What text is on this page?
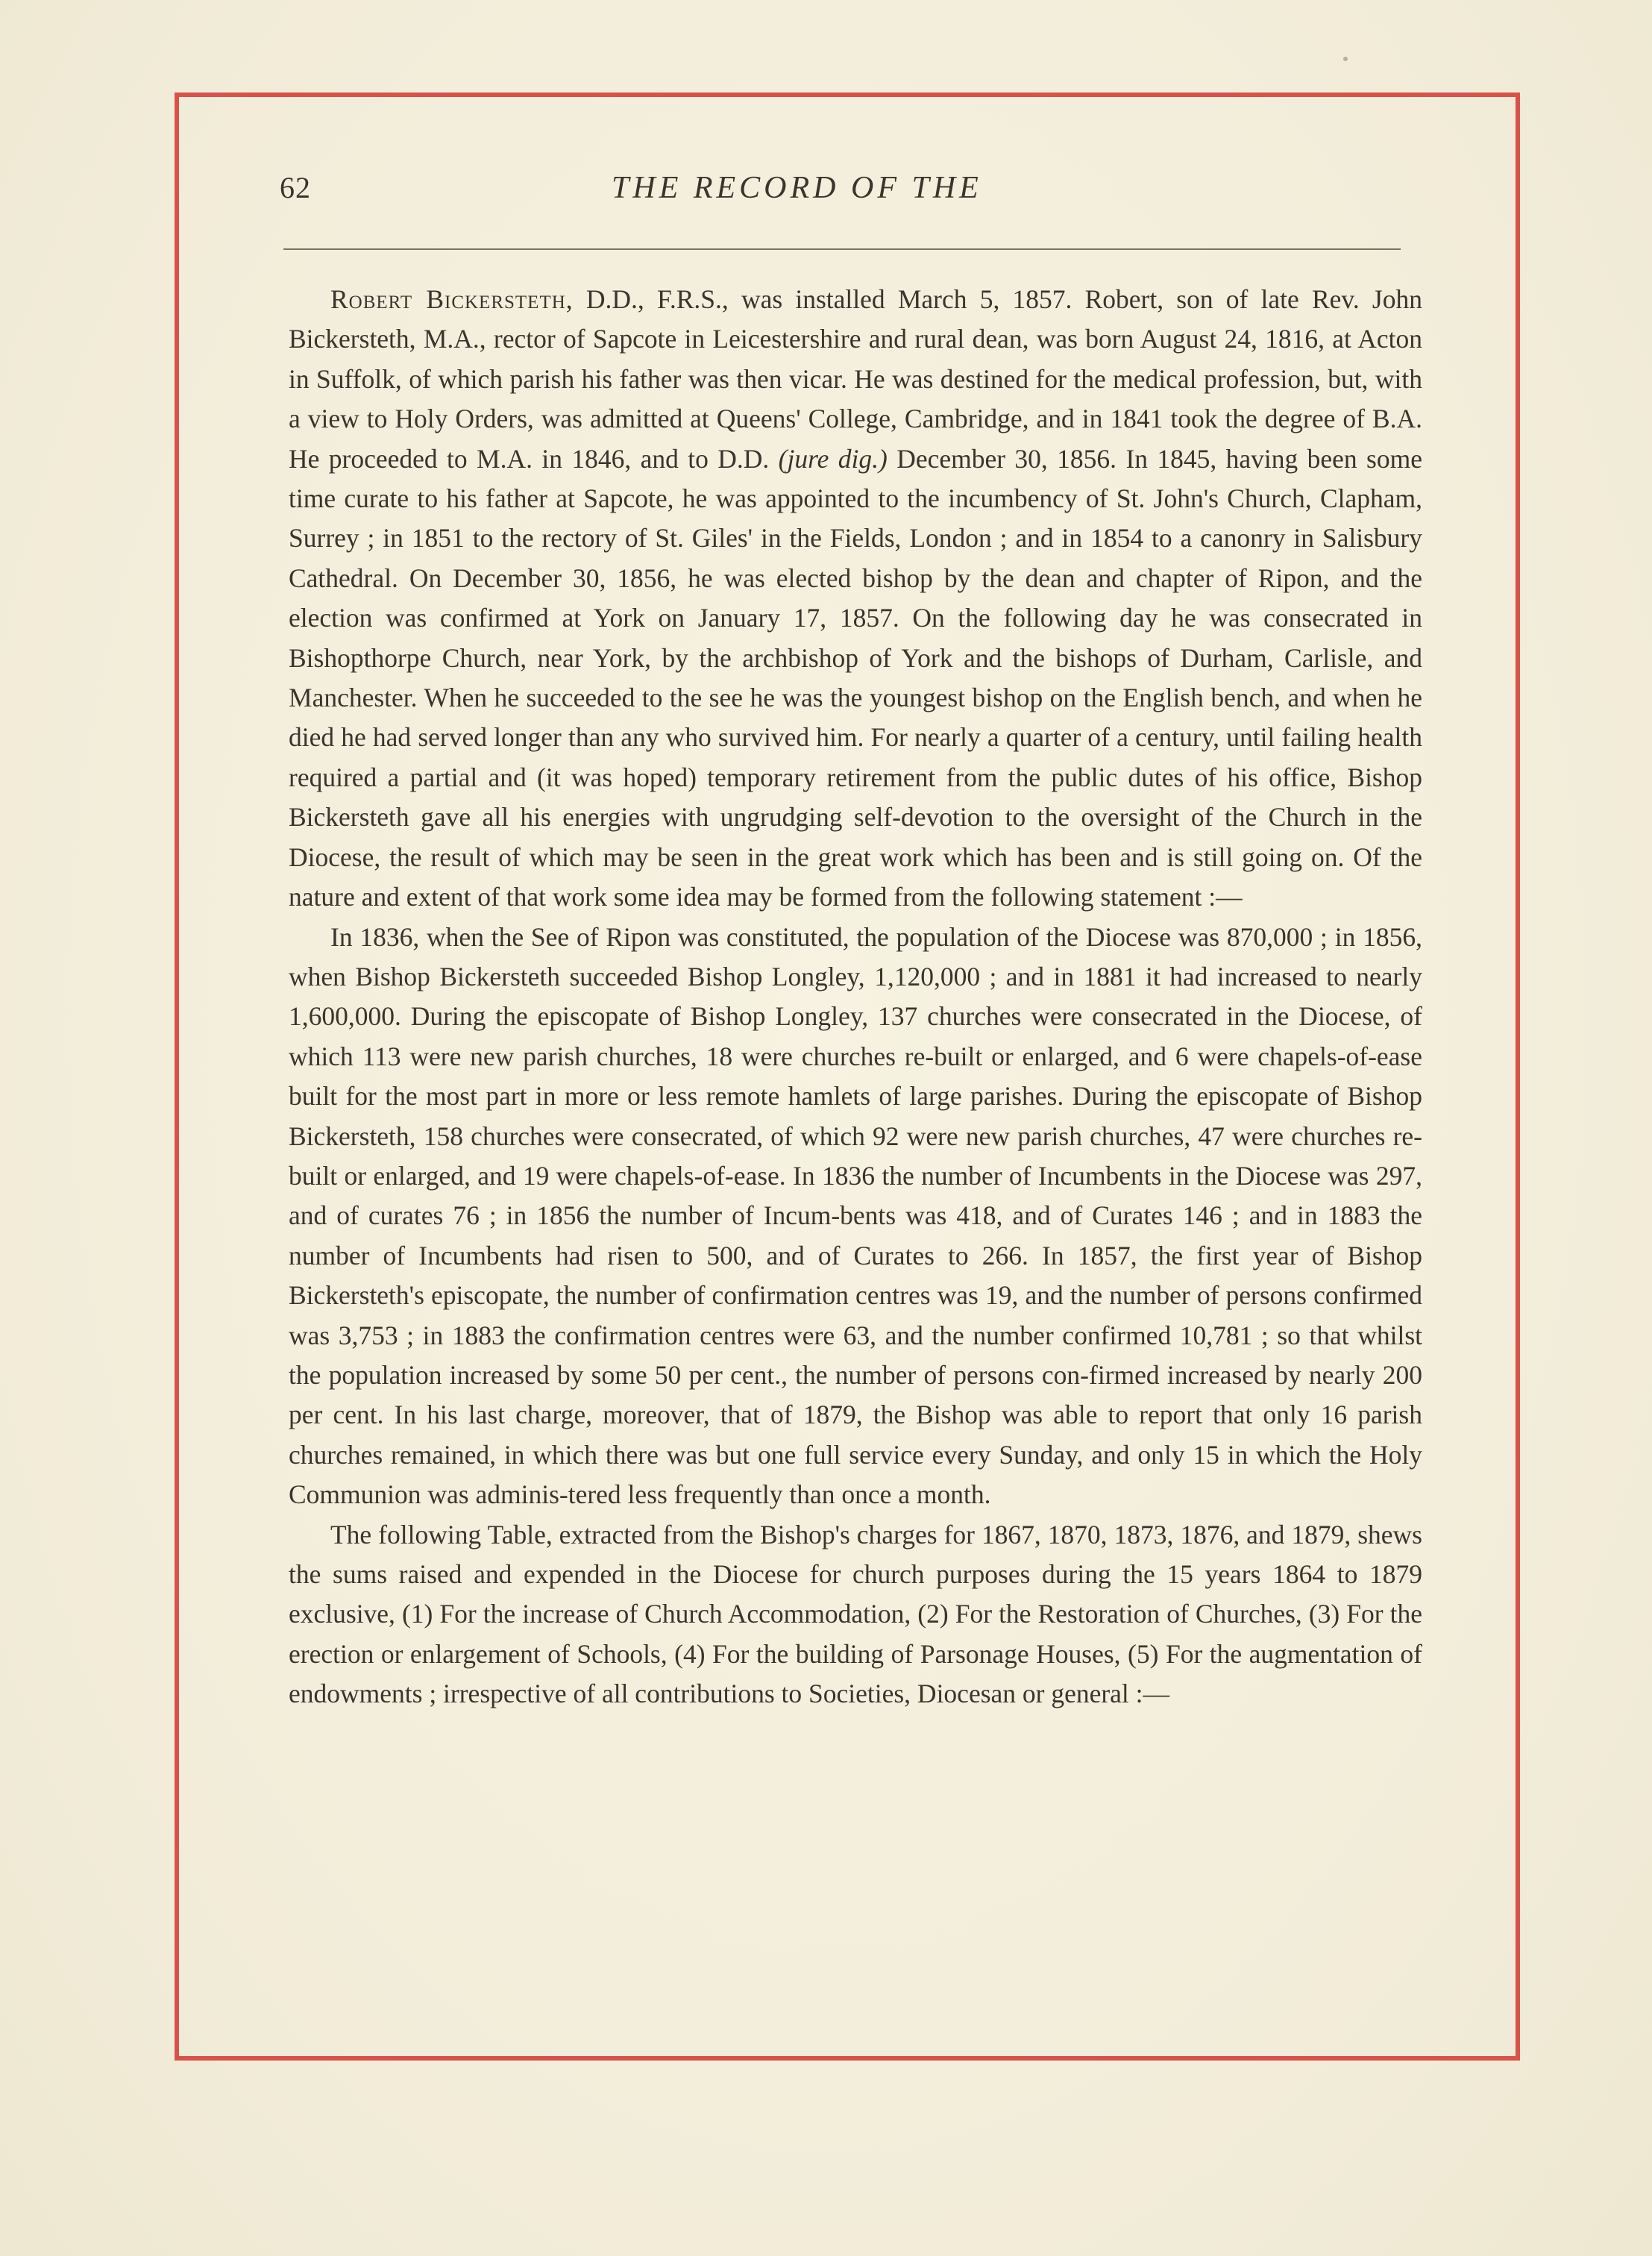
62	THE RECORD OF THE

Robert Bickersteth, D.D., F.R.S., was installed March 5, 1857. Robert, son of late Rev. John Bickersteth, M.A., rector of Sapcote in Leicestershire and rural dean, was born August 24, 1816, at Acton in Suffolk, of which parish his father was then vicar. He was destined for the medical profession, but, with a view to Holy Orders, was admitted at Queens' College, Cambridge, and in 1841 took the degree of B.A. He proceeded to M.A. in 1846, and to D.D. (jure dig.) December 30, 1856. In 1845, having been some time curate to his father at Sapcote, he was appointed to the incumbency of St. John's Church, Clapham, Surrey ; in 1851 to the rectory of St. Giles' in the Fields, London ; and in 1854 to a canonry in Salisbury Cathedral. On December 30, 1856, he was elected bishop by the dean and chapter of Ripon, and the election was confirmed at York on January 17, 1857. On the following day he was consecrated in Bishopthorpe Church, near York, by the archbishop of York and the bishops of Durham, Carlisle, and Manchester. When he succeeded to the see he was the youngest bishop on the English bench, and when he died he had served longer than any who survived him. For nearly a quarter of a century, until failing health required a partial and (it was hoped) temporary retirement from the public dutes of his office, Bishop Bickersteth gave all his energies with ungrudging self-devotion to the oversight of the Church in the Diocese, the result of which may be seen in the great work which has been and is still going on. Of the nature and extent of that work some idea may be formed from the following statement :—

In 1836, when the See of Ripon was constituted, the population of the Diocese was 870,000 ; in 1856, when Bishop Bickersteth succeeded Bishop Longley, 1,120,000 ; and in 1881 it had increased to nearly 1,600,000. During the episcopate of Bishop Longley, 137 churches were consecrated in the Diocese, of which 113 were new parish churches, 18 were churches re-built or enlarged, and 6 were chapels-of-ease built for the most part in more or less remote hamlets of large parishes. During the episcopate of Bishop Bickersteth, 158 churches were consecrated, of which 92 were new parish churches, 47 were churches re-built or enlarged, and 19 were chapels-of-ease. In 1836 the number of Incumbents in the Diocese was 297, and of curates 76 ; in 1856 the number of Incum-bents was 418, and of Curates 146 ; and in 1883 the number of Incumbents had risen to 500, and of Curates to 266. In 1857, the first year of Bishop Bickersteth's episcopate, the number of confirmation centres was 19, and the number of persons confirmed was 3,753 ; in 1883 the confirmation centres were 63, and the number confirmed 10,781 ; so that whilst the population increased by some 50 per cent., the number of persons con-firmed increased by nearly 200 per cent. In his last charge, moreover, that of 1879, the Bishop was able to report that only 16 parish churches remained, in which there was but one full service every Sunday, and only 15 in which the Holy Communion was adminis-tered less frequently than once a month.

The following Table, extracted from the Bishop's charges for 1867, 1870, 1873, 1876, and 1879, shews the sums raised and expended in the Diocese for church purposes during the 15 years 1864 to 1879 exclusive, (1) For the increase of Church Accommodation, (2) For the Restoration of Churches, (3) For the erection or enlargement of Schools, (4) For the building of Parsonage Houses, (5) For the augmentation of endowments ; irrespective of all contributions to Societies, Diocesan or general :—
